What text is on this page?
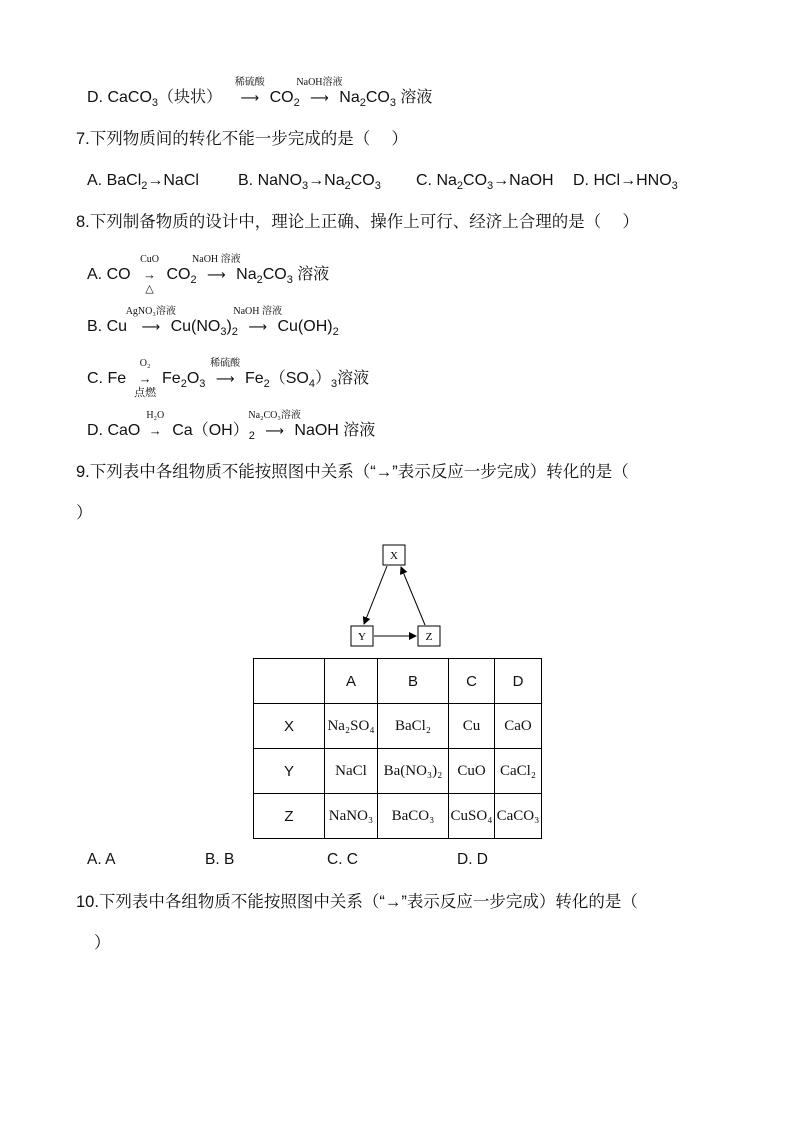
D. CaCO$_3$（块状）
稀硫酸
⟶ $CO_2$
NaOH溶液
⟶ $Na_2CO_3$ 溶液
7.下列物质间的转化不能一步完成的是（　 ）
A. BaCl$_2$→NaCl B. $NaNO_3\to Na_2CO_3$ C. $Na_2CO_3\to NaOH$ D. $HCl\to HNO_3$
8.下列制备物质的设计中，理论上正确、操作上可行、经济上合理的是（　 ）
A. CO
CuO
→
△
$CO_2$
NaOH 溶液
⟶ $Na_2CO_3$ 溶液
B. Cu
AgNO₃溶液
⟶ $Cu(NO_3)_2$
NaOH 溶液
⟶ $Cu(OH)_2$
C. Fe
O₂
→
点燃
$Fe_2O_3$
稀硫酸
⟶ $Fe_2(SO_4)_3$溶液
D. CaO
H₂O
→ $Ca(OH)_2$
Na₂CO₃溶液
⟶ NaOH 溶液
9.下列表中各组物质不能按照图中关系（“→”表示反应一步完成）转化的是（
）
X
Y	Z
	A	B	C	D
X	Na₂SO₄	BaCl₂	Cu	CaO
Y	NaCl	Ba(NO₃)₂	CuO	CaCl₂
Z	NaNO₃	BaCO₃	CuSO₄	CaCO₃
A. A	B. B	C. C	D. D
10.下列表中各组物质不能按照图中关系（“→”表示反应一步完成）转化的是（
）
